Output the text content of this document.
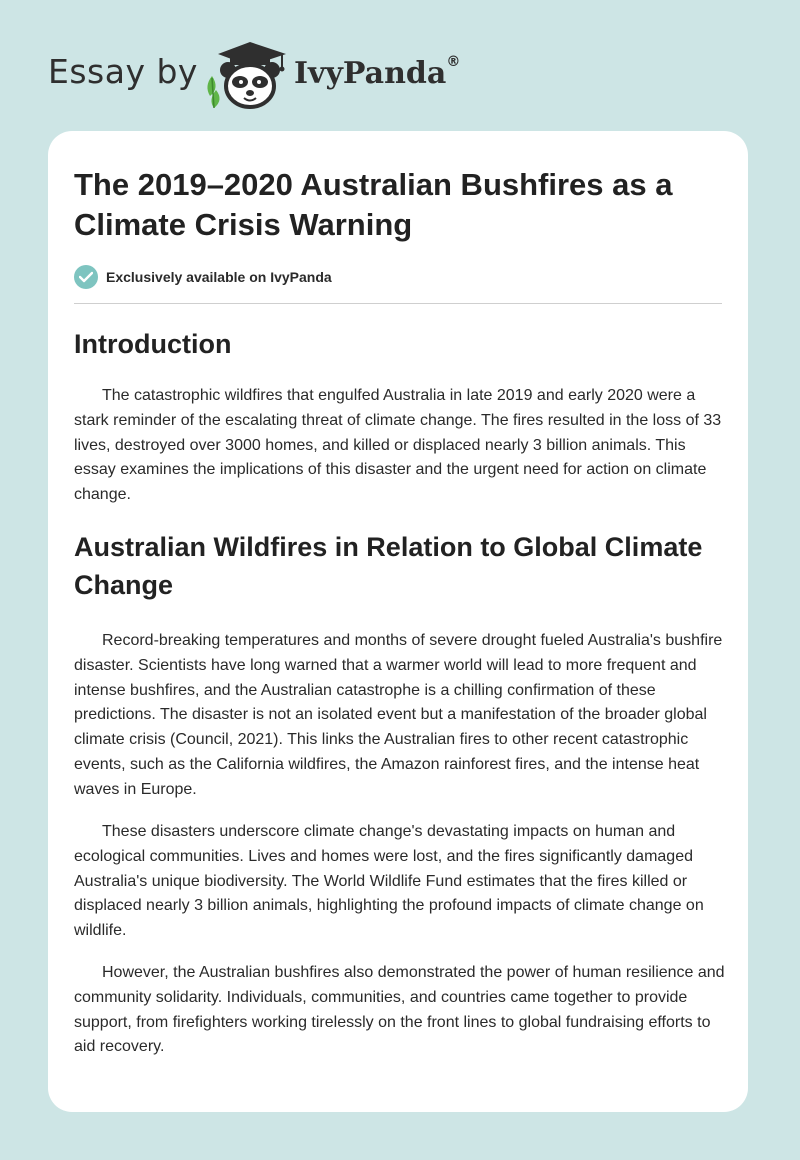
Essay by	IvyPanda®
The 2019–2020 Australian Bushfires as a Climate Crisis Warning
Exclusively available on IvyPanda
Introduction

The catastrophic wildfires that engulfed Australia in late 2019 and early 2020 were a stark reminder of the escalating threat of climate change. The fires resulted in the loss of 33 lives, destroyed over 3000 homes, and killed or displaced nearly 3 billion animals. This essay examines the implications of this disaster and the urgent need for action on climate change.

Australian Wildfires in Relation to Global Climate Change

Record-breaking temperatures and months of severe drought fueled Australia's bushfire disaster. Scientists have long warned that a warmer world will lead to more frequent and intense bushfires, and the Australian catastrophe is a chilling confirmation of these predictions. The disaster is not an isolated event but a manifestation of the broader global climate crisis (Council, 2021). This links the Australian fires to other recent catastrophic events, such as the California wildfires, the Amazon rainforest fires, and the intense heat waves in Europe.

These disasters underscore climate change's devastating impacts on human and ecological communities. Lives and homes were lost, and the fires significantly damaged Australia's unique biodiversity. The World Wildlife Fund estimates that the fires killed or displaced nearly 3 billion animals, highlighting the profound impacts of climate change on wildlife.

However, the Australian bushfires also demonstrated the power of human resilience and community solidarity. Individuals, communities, and countries came together to provide support, from firefighters working tirelessly on the front lines to global fundraising efforts to aid recovery.
